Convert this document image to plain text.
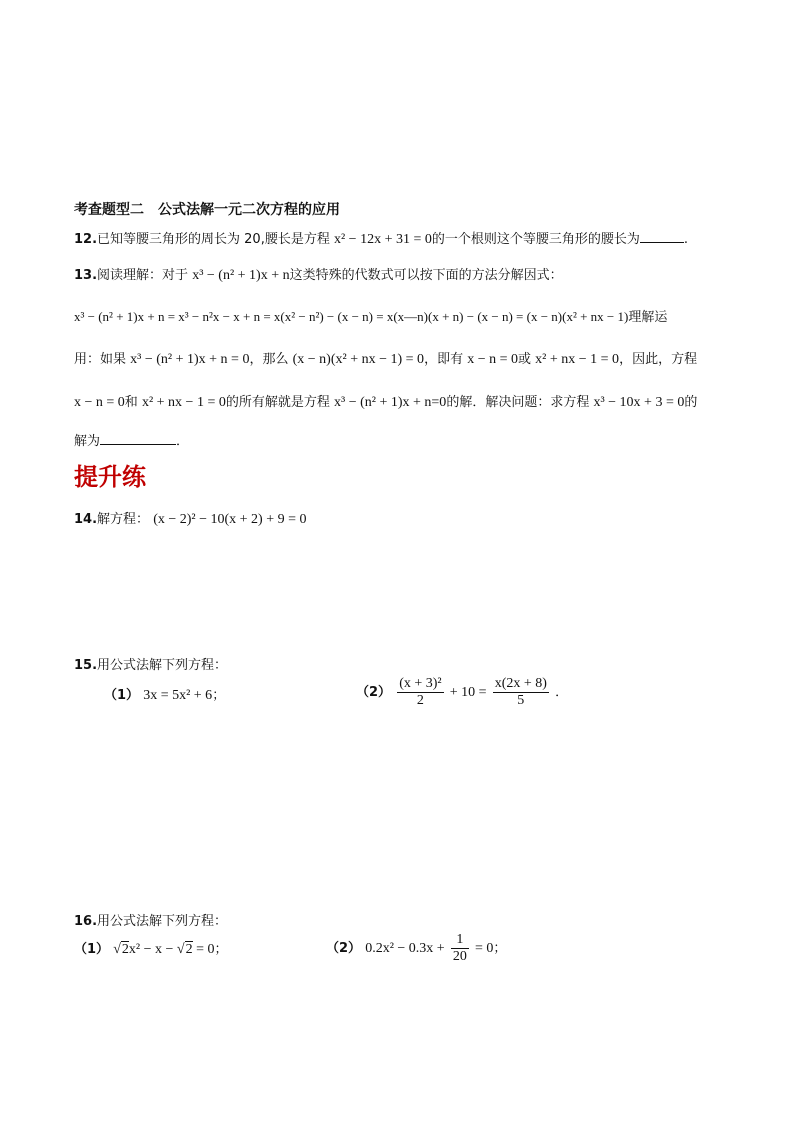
考查题型二　公式法解一元二次方程的应用
12.已知等腰三角形的周长为 20,腰长是方程 x² − 12x + 31 = 0的一个根则这个等腰三角形的腰长为	.
13.阅读理解：对于 x³ − (n² + 1)x + n这类特殊的代数式可以按下面的方法分解因式：
x³ − (n² + 1)x + n = x³ − n²x − x + n = x(x² − n²) − (x − n) = x(x—n)(x + n) − (x − n) = (x − n)(x² + nx − 1)理解运
用：如果 x³ − (n² + 1)x + n = 0，那么 (x − n)(x² + nx − 1) = 0，即有 x − n = 0或 x² + nx − 1 = 0，因此，方程
x − n = 0和 x² + nx − 1 = 0的所有解就是方程 x³ − (n² + 1)x + n=0的解．解决问题：求方程 x³ − 10x + 3 = 0的
解为	．
提升练
14.解方程： (x − 2)² − 10(x + 2) + 9 = 0
15.用公式法解下列方程：
（1） 3x = 5x² + 6；	$(2) \frac{\text{(x + 3)²}}{2} + 10 = \frac{x(2x + 8)}{5}$ ．
16.用公式法解下列方程：
（1） √2x² − x − √2 = 0；	（2） $0.2x^2 - 0.3x + \frac{1}{20} = 0$；
